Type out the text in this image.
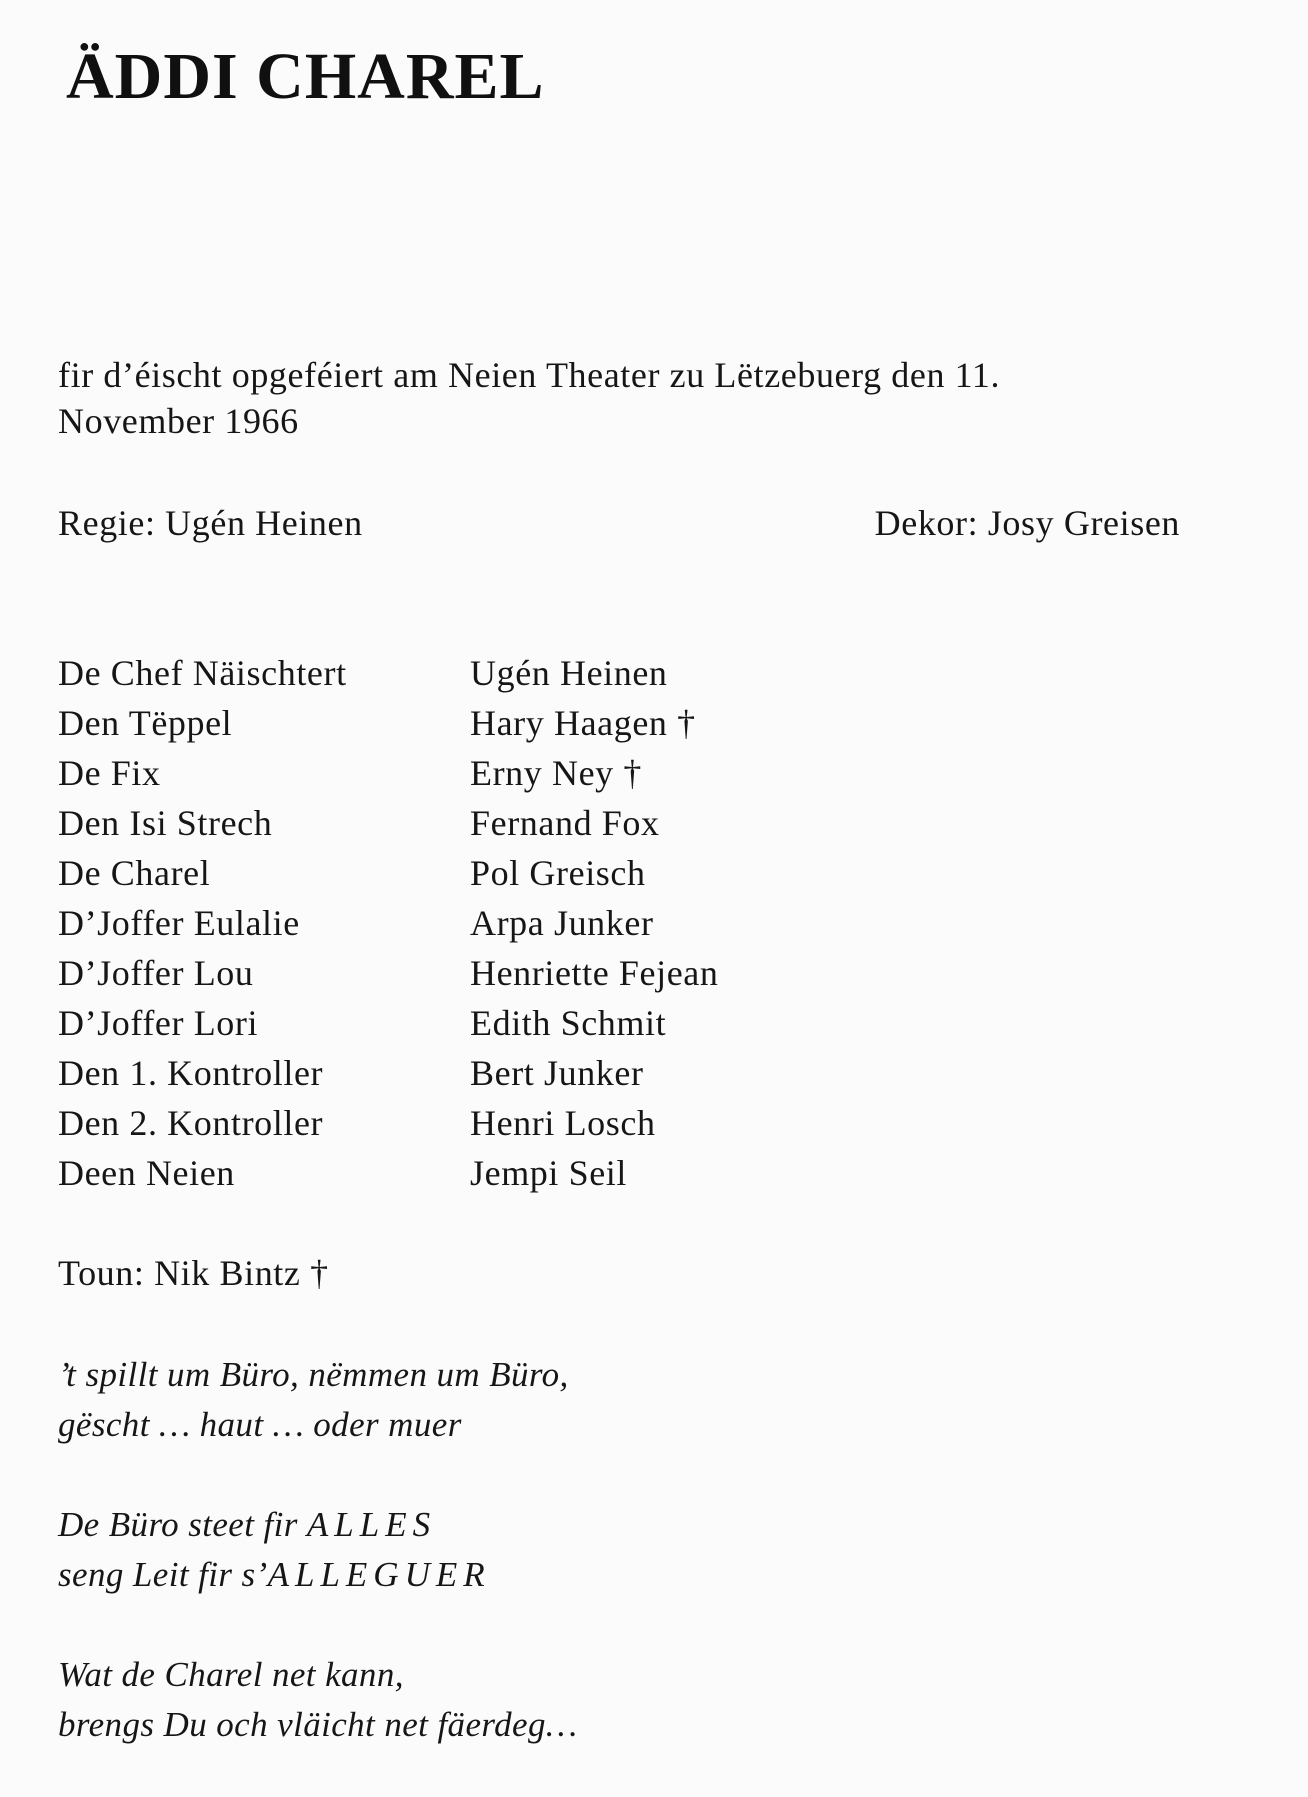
ÄDDI CHAREL
fir d’éischt opgeféiert am Neien Theater zu Lëtzebuerg den 11.
November 1966
Regie: Ugén Heinen	Dekor: Josy Greisen
De Chef Näischtert	Ugén Heinen
Den Tëppel	Hary Haagen †
De Fix	Erny Ney †
Den Isi Strech	Fernand Fox
De Charel	Pol Greisch
D’Joffer Eulalie	Arpa Junker
D’Joffer Lou	Henriette Fejean
D’Joffer Lori	Edith Schmit
Den 1. Kontroller	Bert Junker
Den 2. Kontroller	Henri Losch
Deen Neien	Jempi Seil
Toun: Nik Bintz †
’t spillt um Büro, nëmmen um Büro,
gëscht … haut … oder muer
De Büro steet fir ALLES
seng Leit fir s’ALLEGUER
Wat de Charel net kann,
brengs Du och vläicht net fäerdeg…
